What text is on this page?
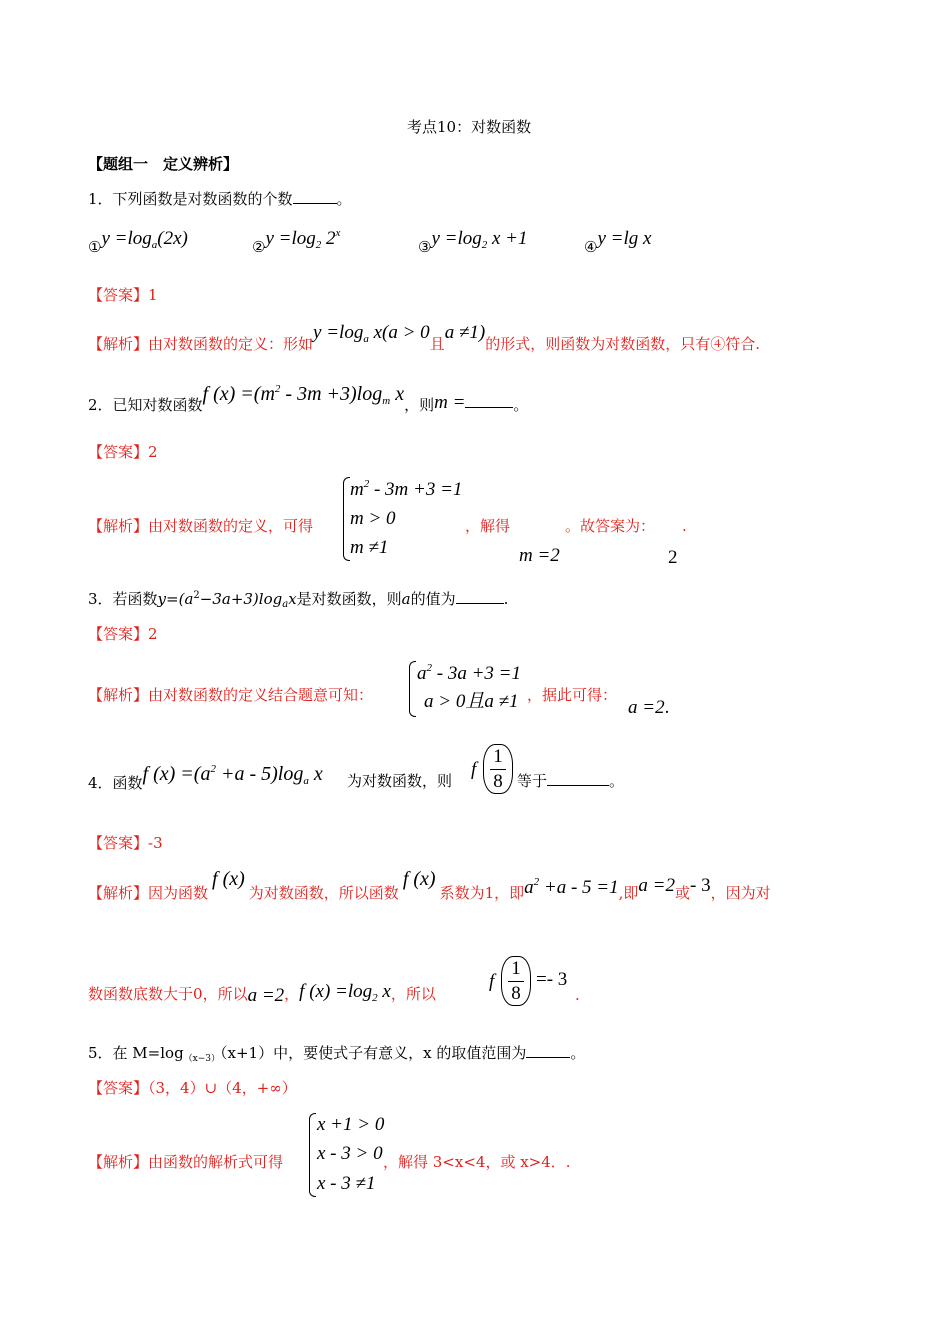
考点10：对数函数
【题组一　定义辨析】
1．下列函数是对数函数的个数	。
①y $=\log_a(2x)$	②y $=\log_2$ 2$^x$
③y $=\log_2$ x +1	④y =lg x
【答案】1
【解析】由对数函数的定义：形如$y =\log_a$ x(a > 0且a ≠1)的形式，则函数为对数函数，只有④符合.
2．已知对数函数f $(x) =(m^2 - 3m +3)\log_m$ x，则m =	。
【答案】2
【解析】由对数函数的定义，可得
$m^2 - 3m +3 =1$
m > 0
m ≠1
，解得	。故答案为： .
m =2	2
3．若函数$y=(a^2-3a+3)\log_ax$是对数函数，则a的值为	.
【答案】2
【解析】由对数函数的定义结合题意可知：
$a^2 - 3a +3 =1$
a > 0且a ≠1 ，据此可得：
a =2.
4．函数f $(x) =(a^2 +a - 5)\log_a$ x 为对数函数，则
f
1
8 等于	。
【答案】-3
【解析】因为函数f (x)为对数函数，所以函数f (x)系数为1，即$a^2 +a - 5 =1$,即a =2或- 3，因为对
数函数底数大于0，所以a =2，f $(x) =\log_2$ x，所以
f
1
8
=- 3
.
5．在 $M=\log_{(x-3)}(x+1)$中，要使式子有意义，x 的取值范围为	。
【答案】（3，4）∪（4，+∞）
【解析】由函数的解析式可得
x +1 > 0
x - 3 > 0
x - 3 ≠1
，解得 3<x<4，或 x>4．.
